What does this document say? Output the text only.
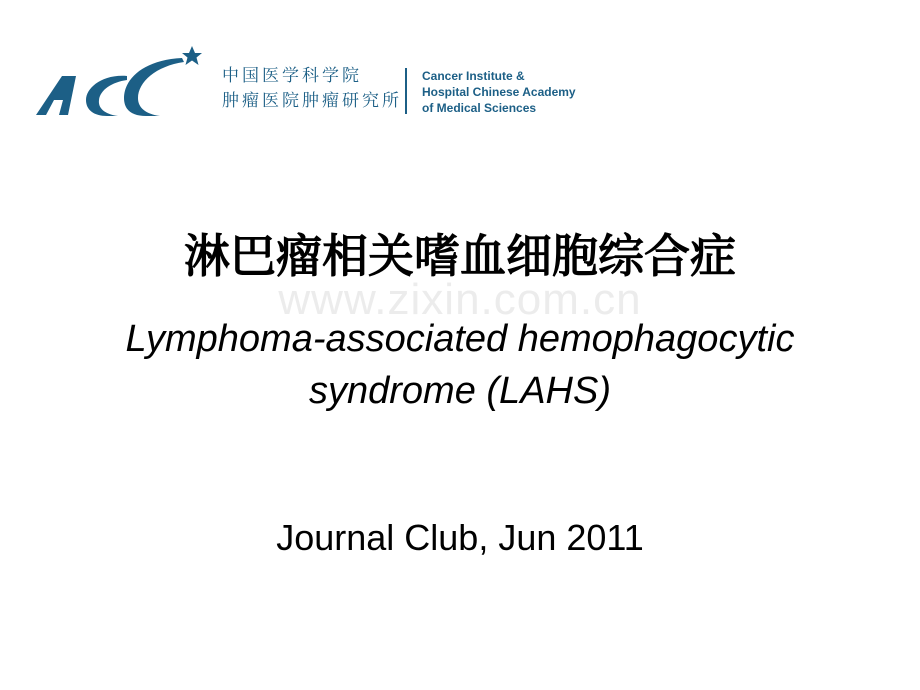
中国医学科学院
肿瘤医院肿瘤研究所
Cancer Institute &
Hospital Chinese Academy
of Medical Sciences
www.zixin.com.cn
淋巴瘤相关嗜血细胞综合症
Lymphoma-associated hemophagocytic
syndrome (LAHS)
Journal Club, Jun 2011
